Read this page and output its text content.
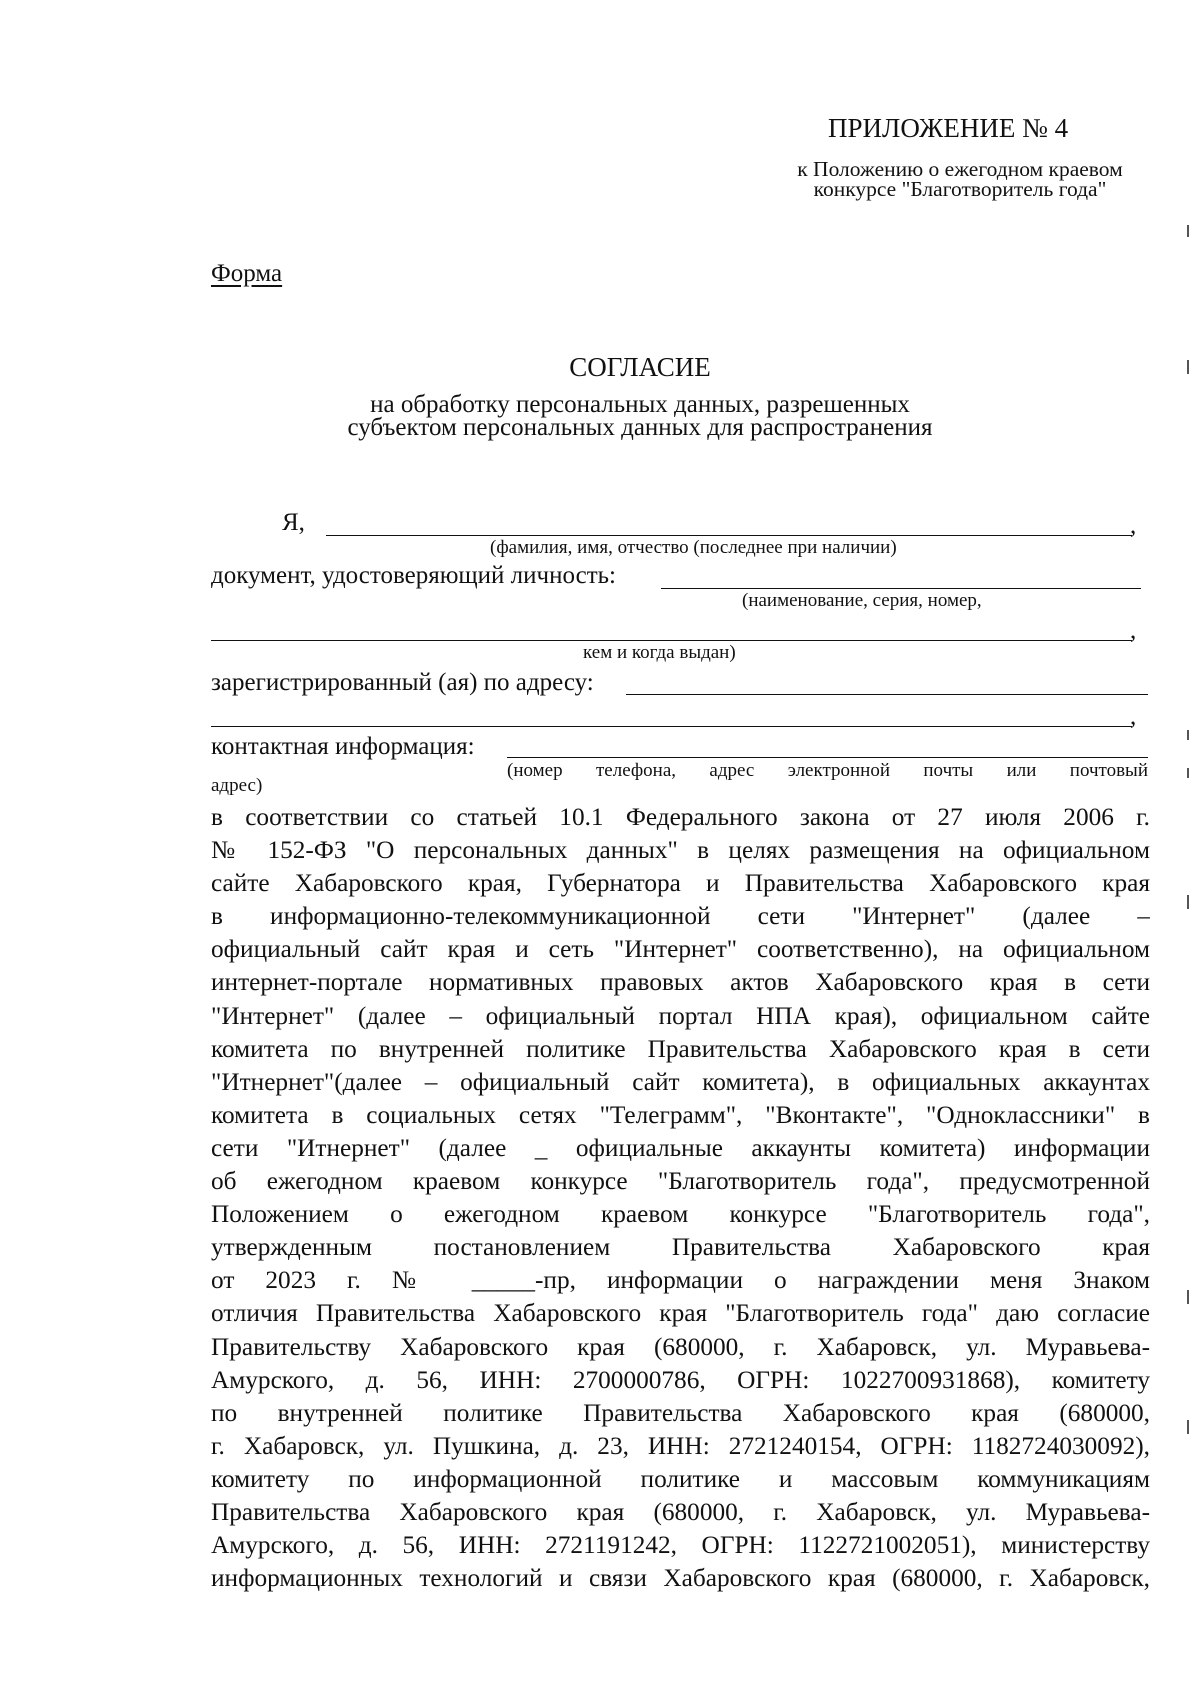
ПРИЛОЖЕНИЕ № 4
к Положению о ежегодном краевом
конкурсе "Благотворитель года"
Форма
СОГЛАСИЕ
на обработку персональных данных, разрешенных
субъектом персональных данных для распространения
Я,	,
(фамилия, имя, отчество (последнее при наличии)
документ, удостоверяющий личность:
(наименование, серия, номер,
,
кем и когда выдан)
зарегистрированный (ая) по адресу:
,
контактная информация:
(номер телефона, адрес электронной почты или почтовый
адрес)
в соответствии со статьей 10.1 Федерального закона от 27 июля 2006 г.
№ 152-ФЗ "О персональных данных" в целях размещения на официальном
сайте Хабаровского края, Губернатора и Правительства Хабаровского края
в информационно-телекоммуникационной сети "Интернет" (далее –
официальный сайт края и сеть "Интернет" соответственно), на официальном
интернет-портале нормативных правовых актов Хабаровского края в сети
"Интернет" (далее – официальный портал НПА края), официальном сайте
комитета по внутренней политике Правительства Хабаровского края в сети
"Итнернет"(далее – официальный сайт комитета), в официальных аккаунтах
комитета в социальных сетях "Телеграмм", "Вконтакте", "Одноклассники" в
сети "Итнернет" (далее _ официальные аккаунты комитета) информации
об ежегодном краевом конкурсе "Благотворитель года", предусмотренной
Положением о ежегодном краевом конкурсе "Благотворитель года",
утвержденным постановлением Правительства Хабаровского края
от 2023 г. № _____-пр, информации о награждении меня Знаком
отличия Правительства Хабаровского края "Благотворитель года" даю согласие
Правительству Хабаровского края (680000, г. Хабаровск, ул. Муравьева-
Амурского, д. 56, ИНН: 2700000786, ОГРН: 1022700931868), комитету
по внутренней политике Правительства Хабаровского края (680000,
г. Хабаровск, ул. Пушкина, д. 23, ИНН: 2721240154, ОГРН: 1182724030092),
комитету по информационной политике и массовым коммуникациям
Правительства Хабаровского края (680000, г. Хабаровск, ул. Муравьева-
Амурского, д. 56, ИНН: 2721191242, ОГРН: 1122721002051), министерству
информационных технологий и связи Хабаровского края (680000, г. Хабаровск,
